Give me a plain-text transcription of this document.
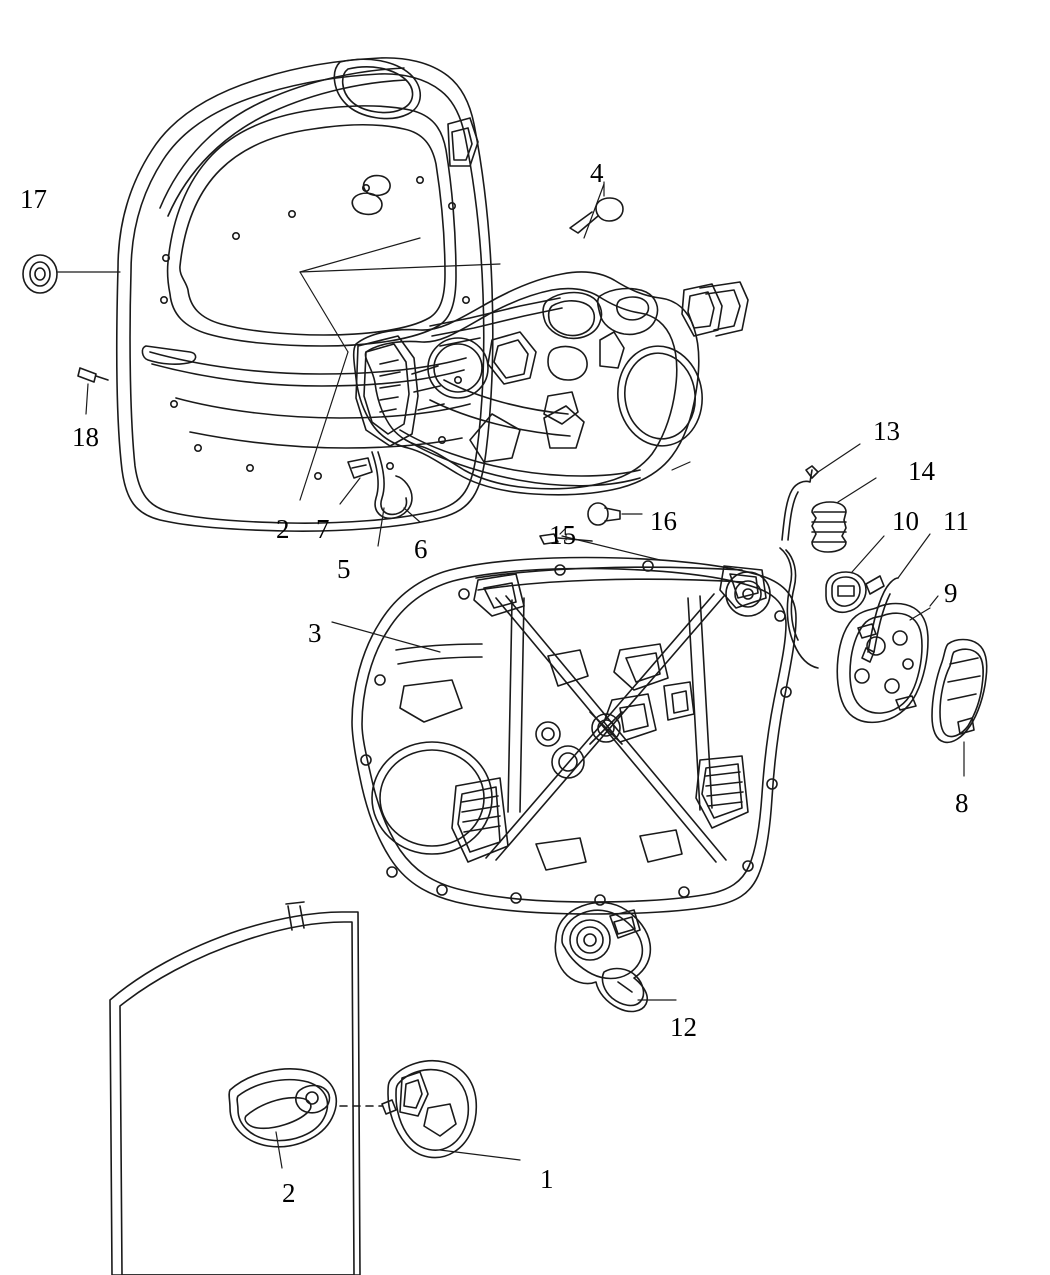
17
4
18
2 7
5
6	15	16
13
14
10 11
9
8
3
12
2	1
